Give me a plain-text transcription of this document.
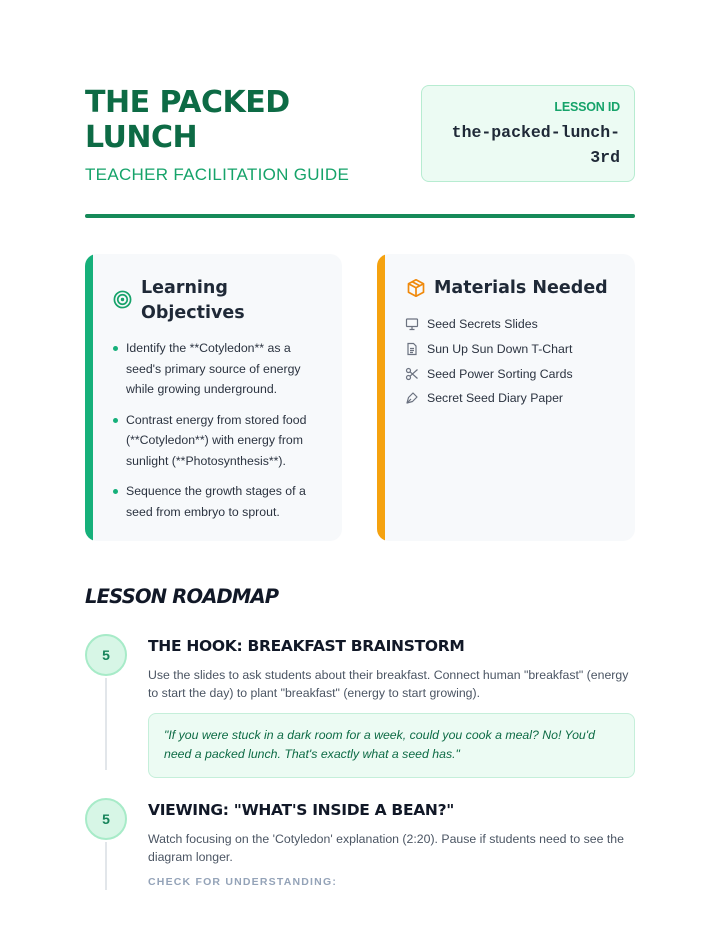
THE PACKED LUNCH
TEACHER FACILITATION GUIDE
LESSON ID
the-packed-lunch-3rd
Learning Objectives
Identify the **Cotyledon** as a seed's primary source of energy while growing underground.
Contrast energy from stored food (**Cotyledon**) with energy from sunlight (**Photosynthesis**).
Sequence the growth stages of a seed from embryo to sprout.
Materials Needed
Seed Secrets Slides
Sun Up Sun Down T-Chart
Seed Power Sorting Cards
Secret Seed Diary Paper
LESSON ROADMAP
5	THE HOOK: BREAKFAST BRAINSTORM
Use the slides to ask students about their breakfast. Connect human "breakfast" (energy to start the day) to plant "breakfast" (energy to start growing).
"If you were stuck in a dark room for a week, could you cook a meal? No! You'd need a packed lunch. That's exactly what a seed has."
5	VIEWING: "WHAT'S INSIDE A BEAN?"
Watch focusing on the 'Cotyledon' explanation (2:20). Pause if students need to see the diagram longer.
CHECK FOR UNDERSTANDING:
